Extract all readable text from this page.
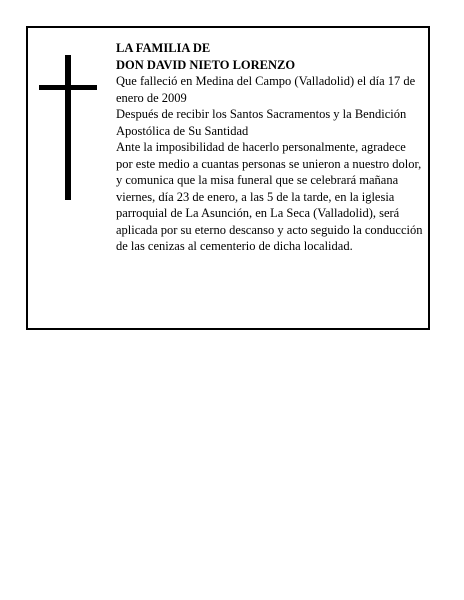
LA FAMILIA DE

DON DAVID NIETO LORENZO

Que falleció en Medina del Campo (Valladolid) el día 17 de enero de 2009

Después de recibir los Santos Sacramentos y la Bendición Apostólica de Su Santidad

Ante la imposibilidad de hacerlo personalmente, agradece por este medio a cuantas personas se unieron a nuestro dolor, y comunica que la misa funeral que se celebrará mañana viernes, día 23 de enero, a las 5 de la tarde, en la iglesia parroquial de La Asunción, en La Seca (Valladolid), será aplicada por su eterno descanso y acto seguido la conducción de las cenizas al cementerio de dicha localidad.
